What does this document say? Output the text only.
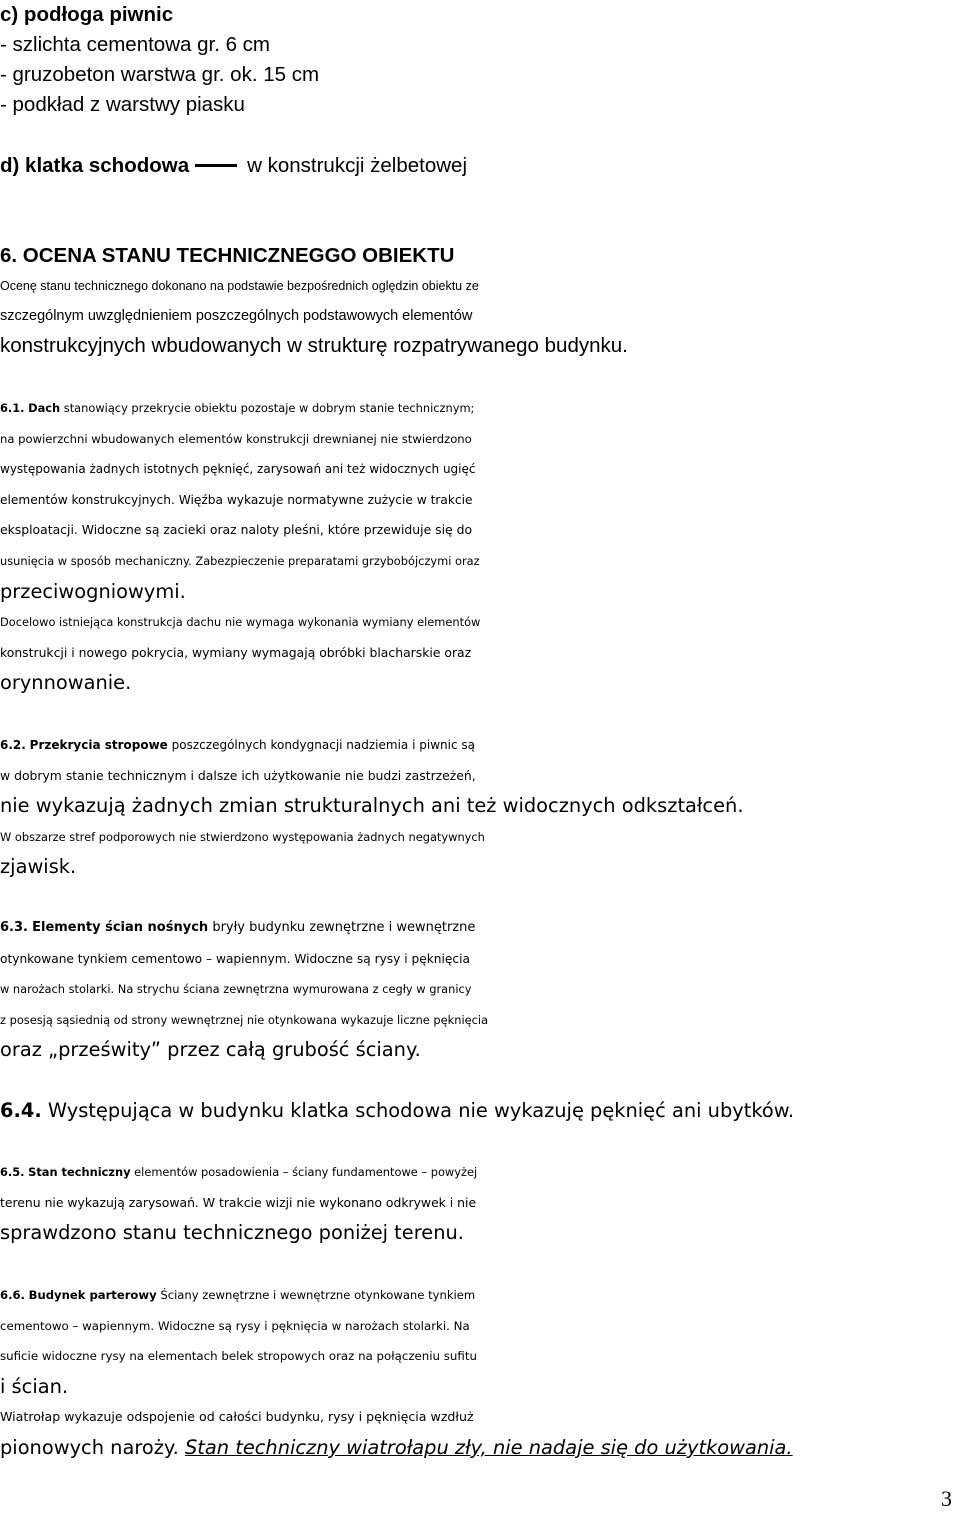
c) podłoga piwnic
- szlichta cementowa gr. 6 cm
- gruzobeton warstwa gr. ok. 15 cm
- podkład z warstwy piasku
d) klatka schodowa	w konstrukcji żelbetowej
6. OCENA STANU TECHNICZNEGGO OBIEKTU
Ocenę stanu technicznego dokonano na podstawie bezpośrednich oględzin obiektu ze
szczególnym uwzględnieniem poszczególnych podstawowych elementów
konstrukcyjnych wbudowanych w strukturę rozpatrywanego budynku.
6.1. Dach stanowiący przekrycie obiektu pozostaje w dobrym stanie technicznym;
na powierzchni wbudowanych elementów konstrukcji drewnianej nie stwierdzono
występowania żadnych istotnych pęknięć, zarysowań ani też widocznych ugięć
elementów konstrukcyjnych. Więźba wykazuje normatywne zużycie w trakcie
eksploatacji. Widoczne są zacieki oraz naloty pleśni, które przewiduje się do
usunięcia w sposób mechaniczny. Zabezpieczenie preparatami grzybobójczymi oraz
przeciwogniowymi.
Docelowo istniejąca konstrukcja dachu nie wymaga wykonania wymiany elementów
konstrukcji i nowego pokrycia, wymiany wymagają obróbki blacharskie oraz
orynnowanie.
6.2. Przekrycia stropowe poszczególnych kondygnacji nadziemia i piwnic są
w dobrym stanie technicznym i dalsze ich użytkowanie nie budzi zastrzeżeń,
nie wykazują żadnych zmian strukturalnych ani też widocznych odkształceń.
W obszarze stref podporowych nie stwierdzono występowania żadnych negatywnych
zjawisk.
6.3. Elementy ścian nośnych bryły budynku zewnętrzne i wewnętrzne
otynkowane tynkiem cementowo – wapiennym. Widoczne są rysy i pęknięcia
w narożach stolarki. Na strychu ściana zewnętrzna wymurowana z cegły w granicy
z posesją sąsiednią od strony wewnętrznej nie otynkowana wykazuje liczne pęknięcia
oraz „prześwity” przez całą grubość ściany.
6.4. Występująca w budynku klatka schodowa nie wykazuję pęknięć ani ubytków.
6.5. Stan techniczny elementów posadowienia – ściany fundamentowe – powyżej
terenu nie wykazują zarysowań. W trakcie wizji nie wykonano odkrywek i nie
sprawdzono stanu technicznego poniżej terenu.
6.6. Budynek parterowy Ściany zewnętrzne i wewnętrzne otynkowane tynkiem
cementowo – wapiennym. Widoczne są rysy i pęknięcia w narożach stolarki. Na
suficie widoczne rysy na elementach belek stropowych oraz na połączeniu sufitu
i ścian.
Wiatrołap wykazuje odspojenie od całości budynku, rysy i pęknięcia wzdłuż
pionowych naroży. Stan techniczny wiatrołapu zły, nie nadaje się do użytkowania.
3
